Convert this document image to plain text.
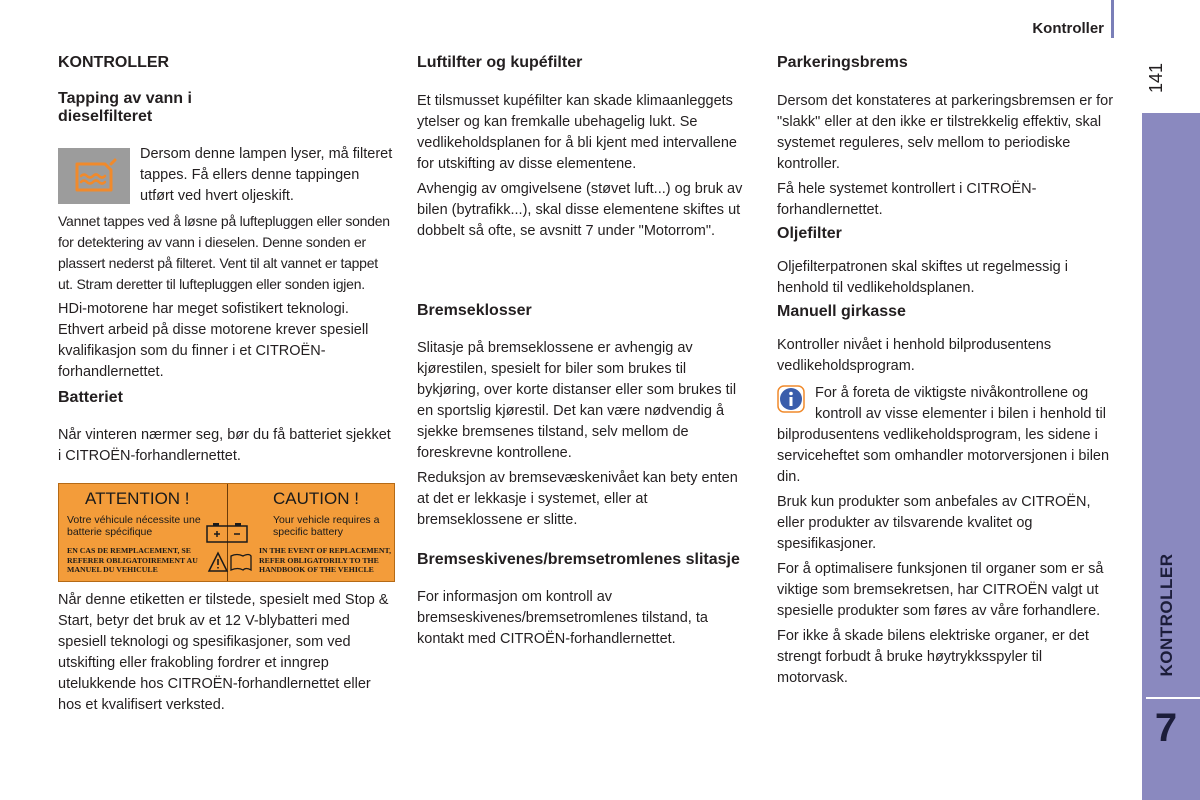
Kontroller
141
KONTROLLER
7
KONTROLLER
Tapping av vann i dieselfilteret

Dersom denne lampen lyser, må filteret tappes. Få ellers denne tappingen utført ved hvert oljeskift.

Vannet tappes ved å løsne på luftepluggen eller sonden for detektering av vann i dieselen. Denne sonden er plassert nederst på filteret. Vent til alt vannet er tappet ut. Stram deretter til luftepluggen eller sonden igjen.

HDi-motorene har meget sofistikert teknologi. Ethvert arbeid på disse motorene krever spesiell kvalifikasjon som du finner i et CITROËN-forhandlernettet.

Batteriet

Når vinteren nærmer seg, bør du få batteriet sjekket i CITROËN-forhandlernettet.

ATTENTION !	CAUTION !
Votre véhicule nécessite une batterie spécifique
Your vehicle requires a specific battery
EN CAS DE REMPLACEMENT, SE REFERER OBLIGATOIREMENT AU MANUEL DU VEHICULE
IN THE EVENT OF REPLACEMENT, REFER OBLIGATORILY TO THE HANDBOOK OF THE VEHICLE

Når denne etiketten er tilstede, spesielt med Stop & Start, betyr det bruk av et 12 V-blybatteri med spesiell teknologi og spesifikasjoner, som ved utskifting eller frakobling fordrer et inngrep utelukkende hos CITROËN-forhandlernettet eller hos et kvalifisert verksted.

Luftilfter og kupéfilter

Et tilsmusset kupéfilter kan skade klimaanleggets ytelser og kan fremkalle ubehagelig lukt. Se vedlikeholdsplanen for å bli kjent med intervallene for utskifting av disse elementene.

Avhengig av omgivelsene (støvet luft...) og bruk av bilen (bytrafikk...), skal disse elementene skiftes ut dobbelt så ofte, se avsnitt 7 under "Motorrom".

Bremseklosser

Slitasje på bremseklossene er avhengig av kjørestilen, spesielt for biler som brukes til bykjøring, over korte distanser eller som brukes til en sportslig kjørestil. Det kan være nødvendig å sjekke bremsenes tilstand, selv mellom de foreskrevne kontrollene.

Reduksjon av bremsevæskenivået kan bety enten at det er lekkasje i systemet, eller at bremseklossene er slitte.

Bremseskivenes/bremsetromlenes slitasje

For informasjon om kontroll av bremseskivenes/bremsetromlenes tilstand, ta kontakt med CITROËN-forhandlernettet.

Parkeringsbrems

Dersom det konstateres at parkeringsbremsen er for "slakk" eller at den ikke er tilstrekkelig effektiv, skal systemet reguleres, selv mellom to periodiske kontroller.

Få hele systemet kontrollert i CITROËN-forhandlernettet.

Oljefilter

Oljefilterpatronen skal skiftes ut regelmessig i henhold til vedlikeholdsplanen.

Manuell girkasse

Kontroller nivået i henhold bilprodusentens vedlikeholdsprogram.

For å foreta de viktigste nivåkontrollene og kontroll av visse elementer i bilen i henhold til bilprodusentens vedlikeholdsprogram, les sidene i serviceheftet som omhandler motorversjonen i bilen din.

Bruk kun produkter som anbefales av CITROËN, eller produkter av tilsvarende kvalitet og spesifikasjoner.

For å optimalisere funksjonen til organer som er så viktige som bremsekretsen, har CITROËN valgt ut spesielle produkter som føres av våre forhandlere.

For ikke å skade bilens elektriske organer, er det strengt forbudt å bruke høytrykksspyler til motorvask.
